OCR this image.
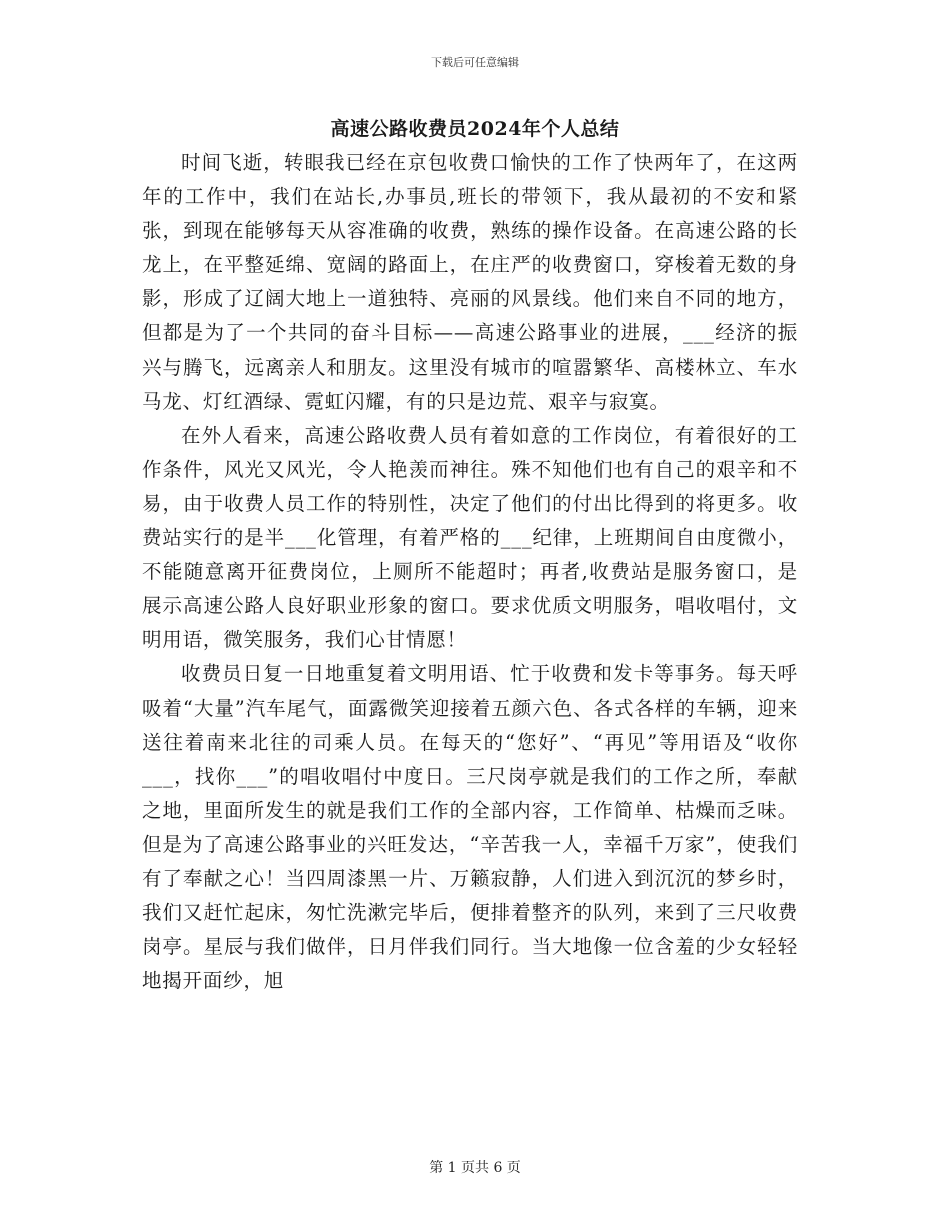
下载后可任意编辑
高速公路收费员2024年个人总结

时间飞逝，转眼我已经在京包收费口愉快的工作了快两年了，在这两年的工作中，我们在站长,办事员,班长的带领下，我从最初的不安和紧张，到现在能够每天从容准确的收费，熟练的操作设备。在高速公路的长龙上，在平整延绵、宽阔的路面上，在庄严的收费窗口，穿梭着无数的身影，形成了辽阔大地上一道独特、亮丽的风景线。他们来自不同的地方，但都是为了一个共同的奋斗目标——高速公路事业的进展，___经济的振兴与腾飞，远离亲人和朋友。这里没有城市的喧嚣繁华、高楼林立、车水马龙、灯红酒绿、霓虹闪耀，有的只是边荒、艰辛与寂寞。

在外人看来，高速公路收费人员有着如意的工作岗位，有着很好的工作条件，风光又风光，令人艳羡而神往。殊不知他们也有自己的艰辛和不易，由于收费人员工作的特别性，决定了他们的付出比得到的将更多。收费站实行的是半___化管理，有着严格的___纪律，上班期间自由度微小，不能随意离开征费岗位，上厕所不能超时；再者,收费站是服务窗口，是展示高速公路人良好职业形象的窗口。要求优质文明服务，唱收唱付，文明用语，微笑服务，我们心甘情愿！

收费员日复一日地重复着文明用语、忙于收费和发卡等事务。每天呼吸着“大量”汽车尾气，面露微笑迎接着五颜六色、各式各样的车辆，迎来送往着南来北往的司乘人员。在每天的“您好”、“再见”等用语及“收你___，找你___”的唱收唱付中度日。三尺岗亭就是我们的工作之所，奉献之地，里面所发生的就是我们工作的全部内容，工作简单、枯燥而乏味。但是为了高速公路事业的兴旺发达，“辛苦我一人，幸福千万家”，使我们有了奉献之心！当四周漆黑一片、万籁寂静，人们进入到沉沉的梦乡时，我们又赶忙起床，匆忙洗漱完毕后，便排着整齐的队列，来到了三尺收费岗亭。星辰与我们做伴，日月伴我们同行。当大地像一位含羞的少女轻轻地揭开面纱，旭

第 1 页共 6 页
